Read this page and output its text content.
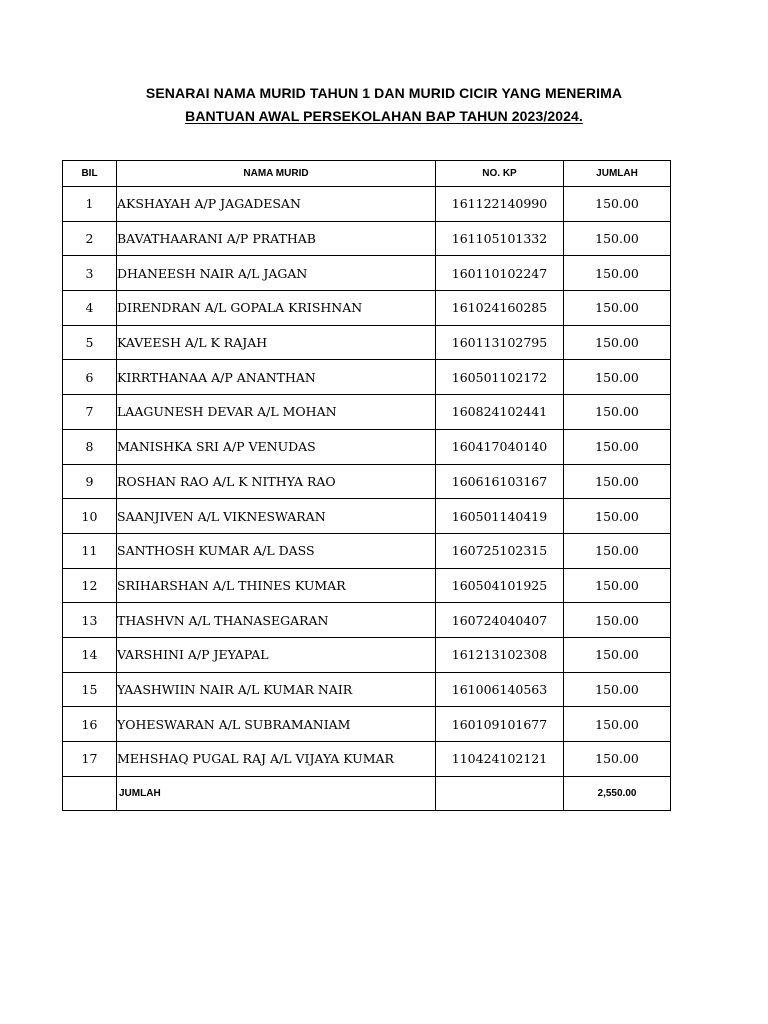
SENARAI NAMA MURID TAHUN 1 DAN MURID CICIR YANG MENERIMA
BANTUAN AWAL PERSEKOLAHAN BAP TAHUN 2023/2024.
BIL	NAMA MURID	NO. KP	JUMLAH
1	AKSHAYAH A/P JAGADESAN	161122140990	150.00
2	BAVATHAARANI A/P PRATHAB	161105101332	150.00
3	DHANEESH NAIR A/L JAGAN	160110102247	150.00
4	DIRENDRAN A/L GOPALA KRISHNAN	161024160285	150.00
5	KAVEESH A/L K RAJAH	160113102795	150.00
6	KIRRTHANAA A/P ANANTHAN	160501102172	150.00
7	LAAGUNESH DEVAR A/L MOHAN	160824102441	150.00
8	MANISHKA SRI A/P VENUDAS	160417040140	150.00
9	ROSHAN RAO A/L K NITHYA RAO	160616103167	150.00
10	SAANJIVEN A/L VIKNESWARAN	160501140419	150.00
11	SANTHOSH KUMAR A/L DASS	160725102315	150.00
12	SRIHARSHAN A/L THINES KUMAR	160504101925	150.00
13	THASHVN A/L THANASEGARAN	160724040407	150.00
14	VARSHINI A/P JEYAPAL	161213102308	150.00
15	YAASHWIIN NAIR A/L KUMAR NAIR	161006140563	150.00
16	YOHESWARAN A/L SUBRAMANIAM	160109101677	150.00
17	MEHSHAQ PUGAL RAJ A/L VIJAYA KUMAR	110424102121	150.00
	JUMLAH		2,550.00
